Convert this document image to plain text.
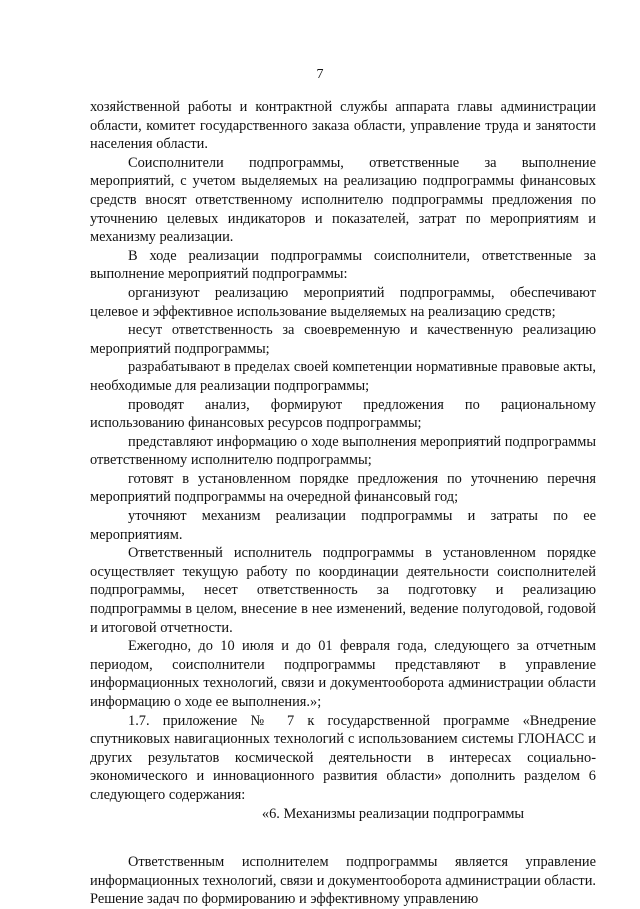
7

хозяйственной работы и контрактной службы аппарата главы администрации области, комитет государственного заказа области, управление труда и занятости населения области.

Соисполнители подпрограммы, ответственные за выполнение мероприятий, с учетом выделяемых на реализацию подпрограммы финансовых средств вносят ответственному исполнителю подпрограммы предложения по уточнению целевых индикаторов и показателей, затрат по мероприятиям и механизму реализации.

В ходе реализации подпрограммы соисполнители, ответственные за выполнение мероприятий подпрограммы:

организуют реализацию мероприятий подпрограммы, обеспечивают целевое и эффективное использование выделяемых на реализацию средств;

несут ответственность за своевременную и качественную реализацию мероприятий подпрограммы;

разрабатывают в пределах своей компетенции нормативные правовые акты, необходимые для реализации подпрограммы;

проводят анализ, формируют предложения по рациональному использованию финансовых ресурсов подпрограммы;

представляют информацию о ходе выполнения мероприятий подпрограммы ответственному исполнителю подпрограммы;

готовят в установленном порядке предложения по уточнению перечня мероприятий подпрограммы на очередной финансовый год;

уточняют механизм реализации подпрограммы и затраты по ее мероприятиям.

Ответственный исполнитель подпрограммы в установленном порядке осуществляет текущую работу по координации деятельности соисполнителей подпрограммы, несет ответственность за подготовку и реализацию подпрограммы в целом, внесение в нее изменений, ведение полугодовой, годовой и итоговой отчетности.

Ежегодно, до 10 июля и до 01 февраля года, следующего за отчетным периодом, соисполнители подпрограммы представляют в управление информационных технологий, связи и документооборота администрации области информацию о ходе ее выполнения.»;

1.7. приложение № 7 к государственной программе «Внедрение спутниковых навигационных технологий с использованием системы ГЛОНАСС и других результатов космической деятельности в интересах социально-экономического и инновационного развития области» дополнить разделом 6 следующего содержания:

«6. Механизмы реализации подпрограммы

Ответственным исполнителем подпрограммы является управление информационных технологий, связи и документооборота администрации области. Решение задач по формированию и эффективному управлению
